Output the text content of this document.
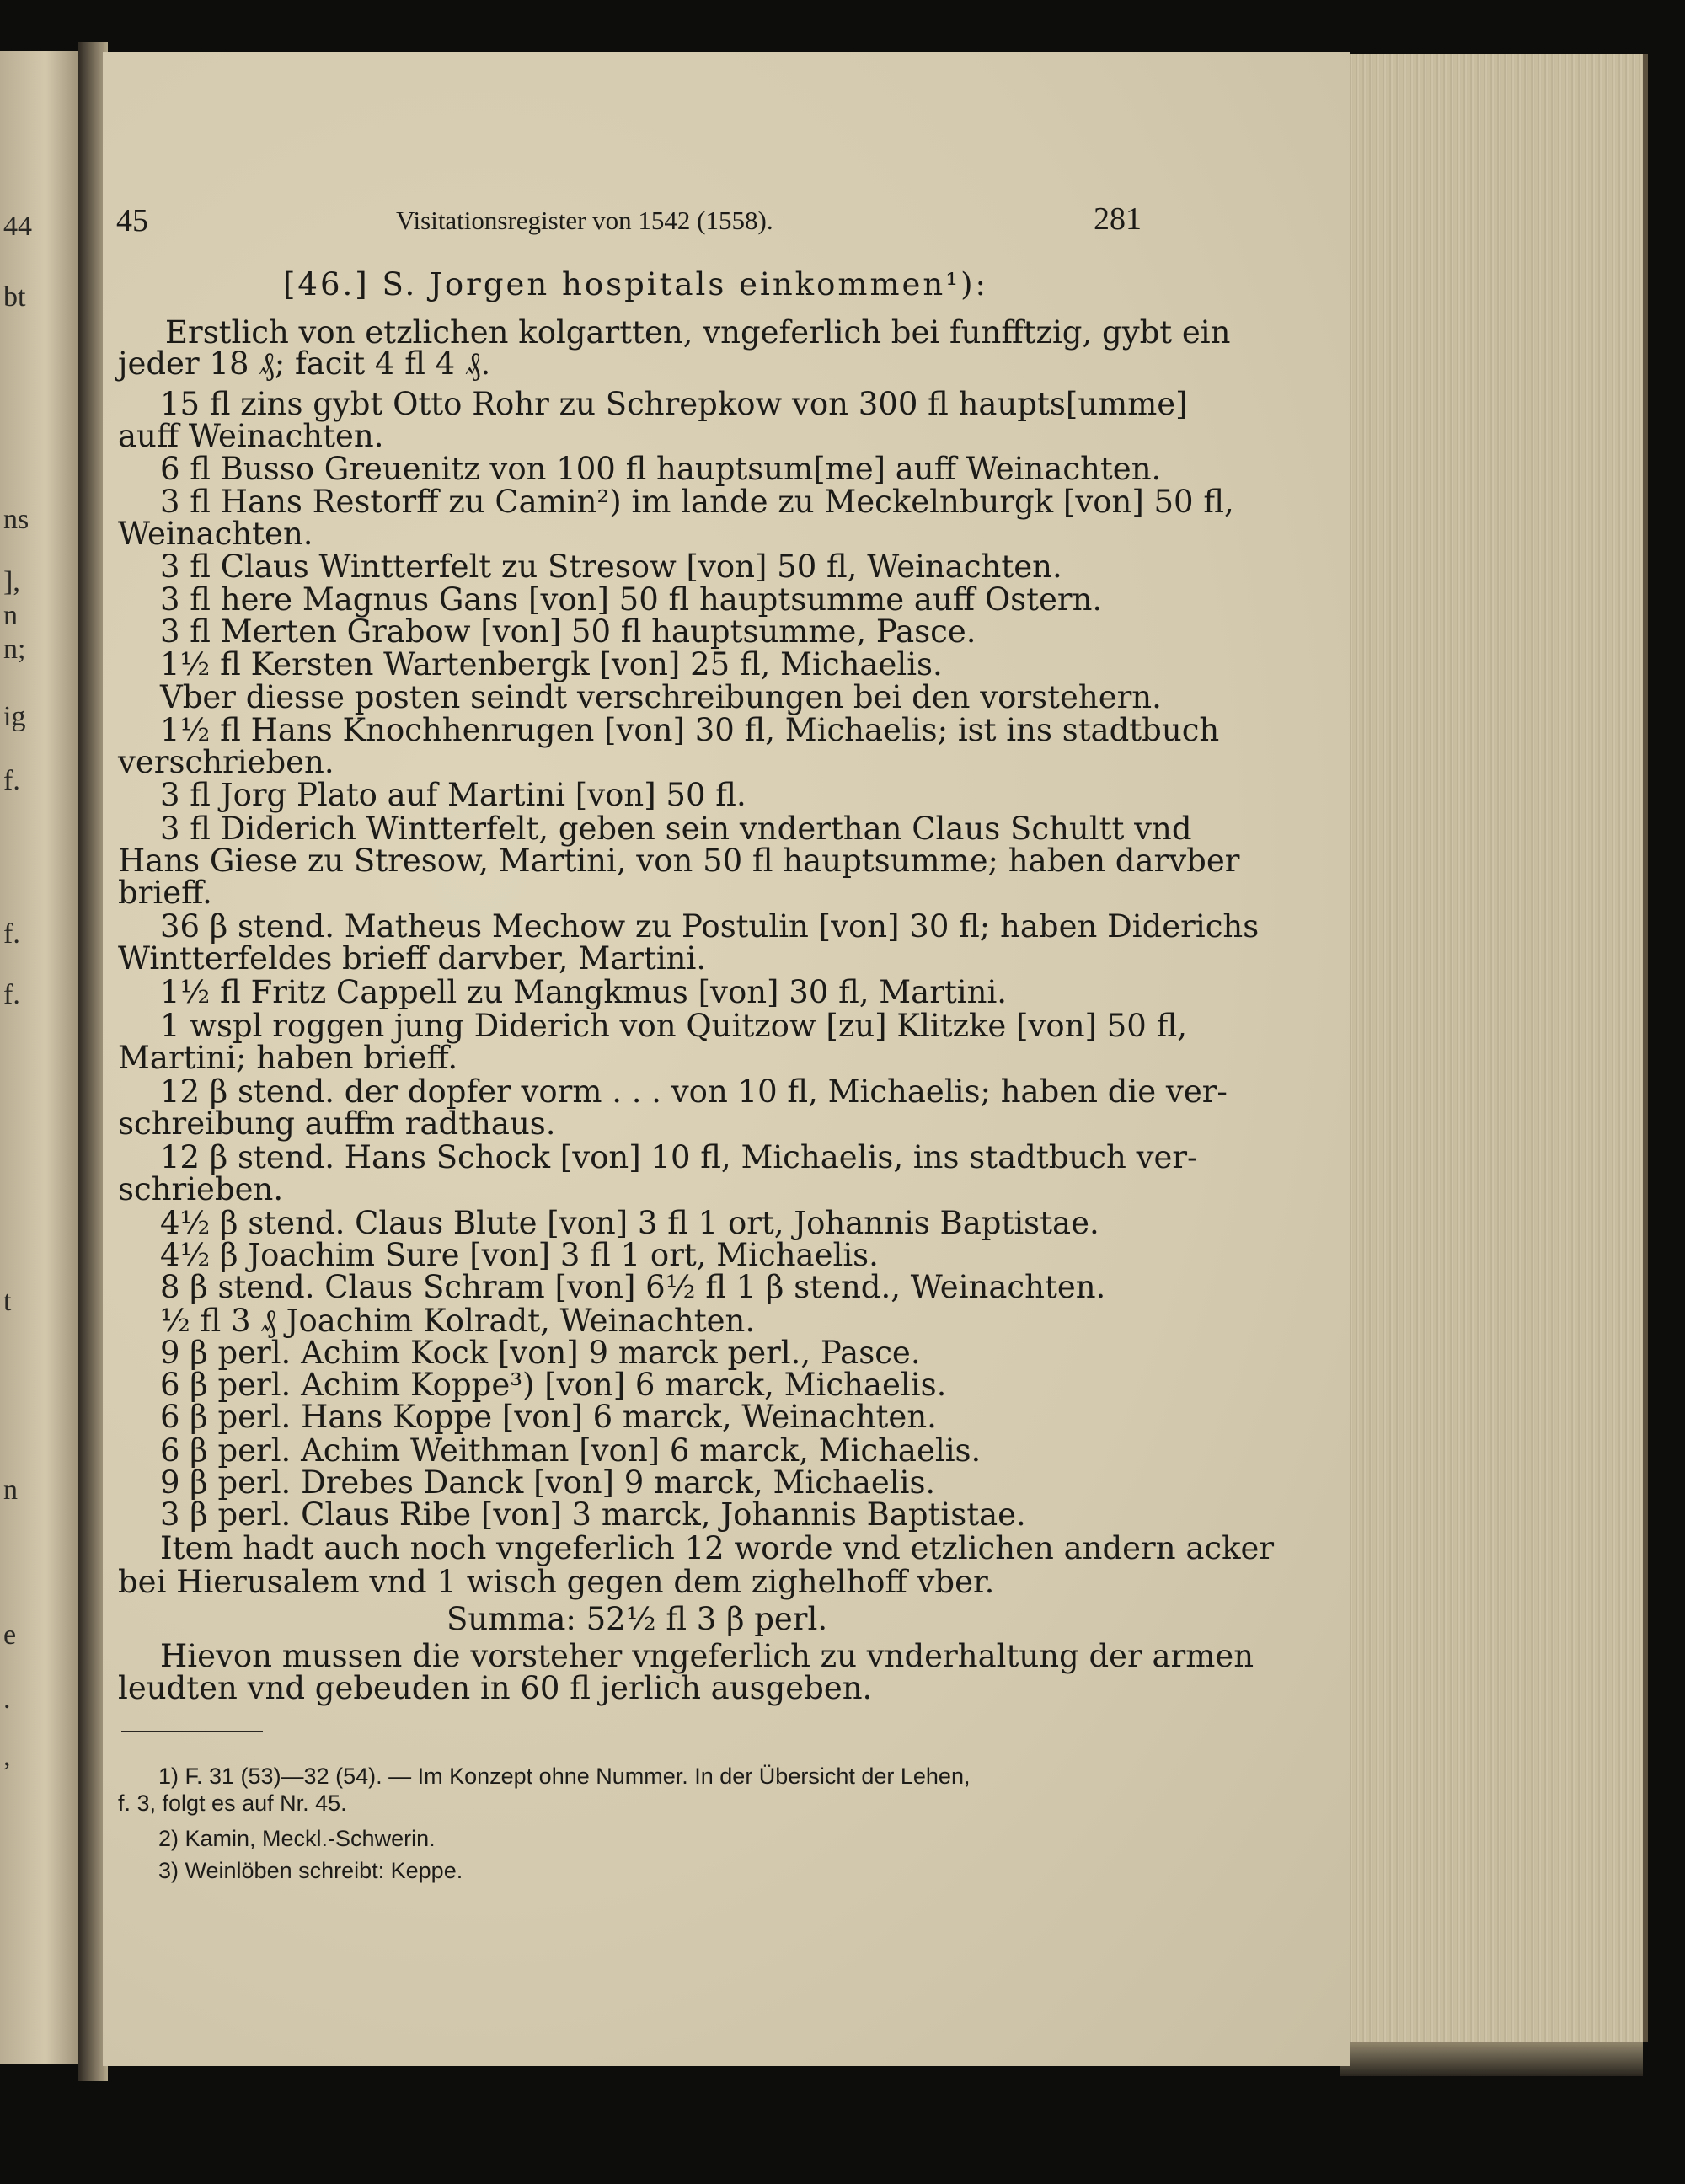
44
bt
ns
],
n
n;
ig
f.
f.
f.
t
n
e
.
,
45	Visitationsregister von 1542 (1558).	281
[46.] S. Jorgen hospitals einkommen¹):
Erstlich von etzlichen kolgartten, vngeferlich bei funfftzig, gybt ein
jeder 18 ₰; facit 4 fl 4 ₰.
15 fl zins gybt Otto Rohr zu Schrepkow von 300 fl haupts[umme]
auff Weinachten.
6 fl Busso Greuenitz von 100 fl hauptsum[me] auff Weinachten.
3 fl Hans Restorff zu Camin²) im lande zu Meckelnburgk [von] 50 fl,
Weinachten.
3 fl Claus Wintterfelt zu Stresow [von] 50 fl, Weinachten.
3 fl here Magnus Gans [von] 50 fl hauptsumme auff Ostern.
3 fl Merten Grabow [von] 50 fl hauptsumme, Pasce.
1½ fl Kersten Wartenbergk [von] 25 fl, Michaelis.
Vber diesse posten seindt verschreibungen bei den vorstehern.
1½ fl Hans Knochhenrugen [von] 30 fl, Michaelis; ist ins stadtbuch
verschrieben.
3 fl Jorg Plato auf Martini [von] 50 fl.
3 fl Diderich Wintterfelt, geben sein vnderthan Claus Schultt vnd
Hans Giese zu Stresow, Martini, von 50 fl hauptsumme; haben darvber
brieff.
36 β stend. Matheus Mechow zu Postulin [von] 30 fl; haben Diderichs
Wintterfeldes brieff darvber, Martini.
1½ fl Fritz Cappell zu Mangkmus [von] 30 fl, Martini.
1 wspl roggen jung Diderich von Quitzow [zu] Klitzke [von] 50 fl,
Martini; haben brieff.
12 β stend. der dopfer vorm . . . von 10 fl, Michaelis; haben die ver-
schreibung auffm radthaus.
12 β stend. Hans Schock [von] 10 fl, Michaelis, ins stadtbuch ver-
schrieben.
4½ β stend. Claus Blute [von] 3 fl 1 ort, Johannis Baptistae.
4½ β Joachim Sure [von] 3 fl 1 ort, Michaelis.
8 β stend. Claus Schram [von] 6½ fl 1 β stend., Weinachten.
½ fl 3 ₰ Joachim Kolradt, Weinachten.
9 β perl. Achim Kock [von] 9 marck perl., Pasce.
6 β perl. Achim Koppe³) [von] 6 marck, Michaelis.
6 β perl. Hans Koppe [von] 6 marck, Weinachten.
6 β perl. Achim Weithman [von] 6 marck, Michaelis.
9 β perl. Drebes Danck [von] 9 marck, Michaelis.
3 β perl. Claus Ribe [von] 3 marck, Johannis Baptistae.
Item hadt auch noch vngeferlich 12 worde vnd etzlichen andern acker
bei Hierusalem vnd 1 wisch gegen dem zighelhoff vber.
Summa: 52½ fl 3 β perl.
Hievon mussen die vorsteher vngeferlich zu vnderhaltung der armen
leudten vnd gebeuden in 60 fl jerlich ausgeben.
1) F. 31 (53)—32 (54). — Im Konzept ohne Nummer. In der Übersicht der Lehen,
f. 3, folgt es auf Nr. 45.
2) Kamin, Meckl.-Schwerin.
3) Weinlöben schreibt: Keppe.
